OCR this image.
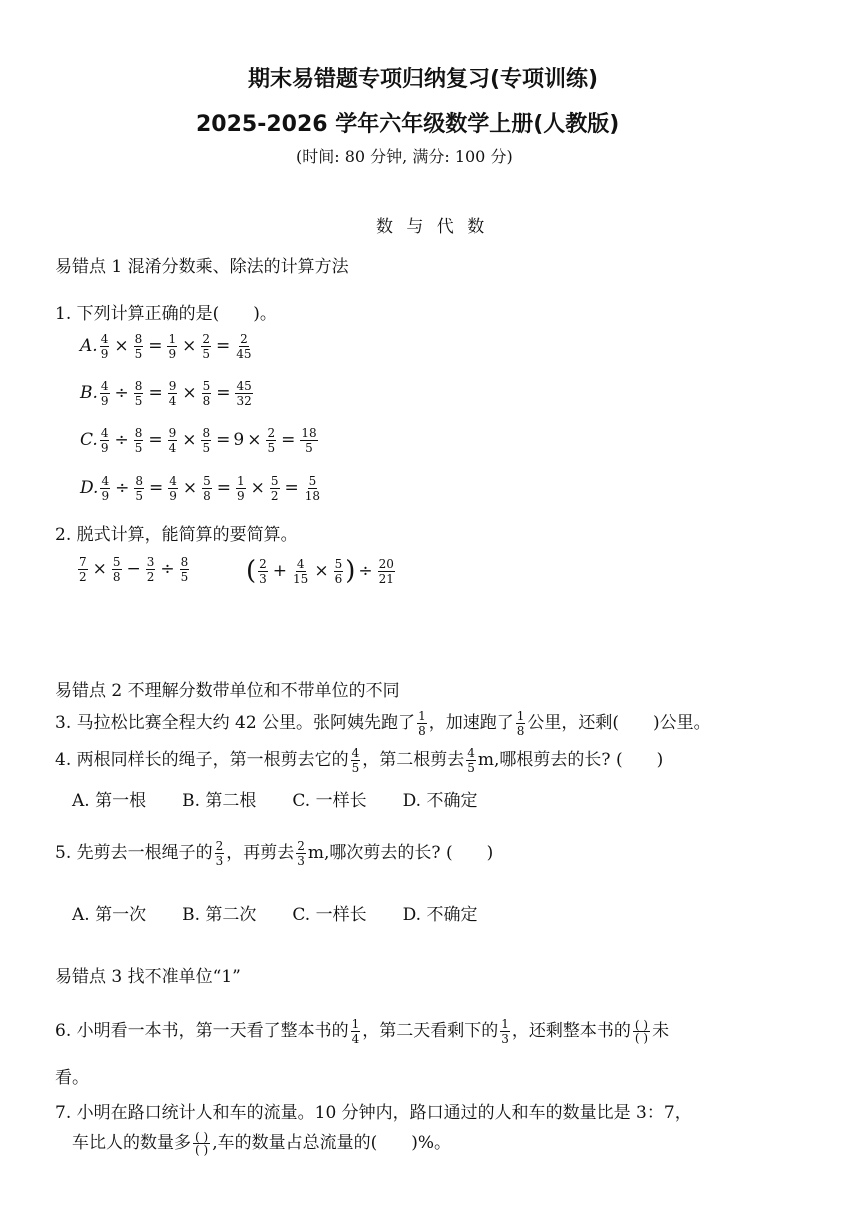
期末易错题专项归纳复习(专项训练)
2025-2026 学年六年级数学上册(人教版)
(时间: 80 分钟, 满分: 100 分)
数 与 代 数
易错点 1 混淆分数乘、除法的计算方法
1. 下列计算正确的是(　　)。
A. $\frac{4}{9} \times \frac{8}{5} = \frac{1}{9} \times \frac{2}{5} = \frac{2}{45}$
B. $\frac{4}{9} \div \frac{8}{5} = \frac{9}{4} \times \frac{5}{8} = \frac{45}{32}$
C. $\frac{4}{9} \div \frac{8}{5} = \frac{9}{4} \times \frac{8}{5} = 9 \times \frac{2}{5} = \frac{18}{5}$
D. $\frac{4}{9} \div \frac{8}{5} = \frac{4}{9} \times \frac{5}{8} = \frac{1}{9} \times \frac{5}{2} = \frac{5}{18}$
2. 脱式计算，能简算的要简算。
$\frac{7}{2} \times \frac{5}{8} - \frac{3}{2} \div \frac{8}{5}$ ( $\frac{2}{3} + \frac{4}{15} \times \frac{5}{6}$ ) ÷ $\frac{20}{21}$
易错点 2 不理解分数带单位和不带单位的不同
3. 马拉松比赛全程大约 42 公里。张阿姨先跑了 $\frac{1}{8}$ ，加速跑了 $\frac{1}{8}$ 公里，还剩(　　)公里。
4. 两根同样长的绳子，第一根剪去它的 $\frac{4}{5}$ ，第二根剪去 $\frac{4}{5} m$,哪根剪去的长? (　　)
A. 第一根 B. 第二根 C. 一样长 D. 不确定
5. 先剪去一根绳子的 $\frac{2}{3}$ ，再剪去 $\frac{2}{3} m$,哪次剪去的长? (　　)
A. 第一次 B. 第二次 C. 一样长 D. 不确定
易错点 3 找不准单位“1”
6. 小明看一本书，第一天看了整本书的 $\frac{1}{4}$ ，第二天看剩下的 $\frac{1}{3}$ ，还剩整本书的 $\frac{( )}{( )}$ 未
看。
7. 小明在路口统计人和车的流量。10 分钟内，路口通过的人和车的数量比是 3：7，
车比人的数量多 $\frac{( )}{( )}$ ,车的数量占总流量的(　　)%。
